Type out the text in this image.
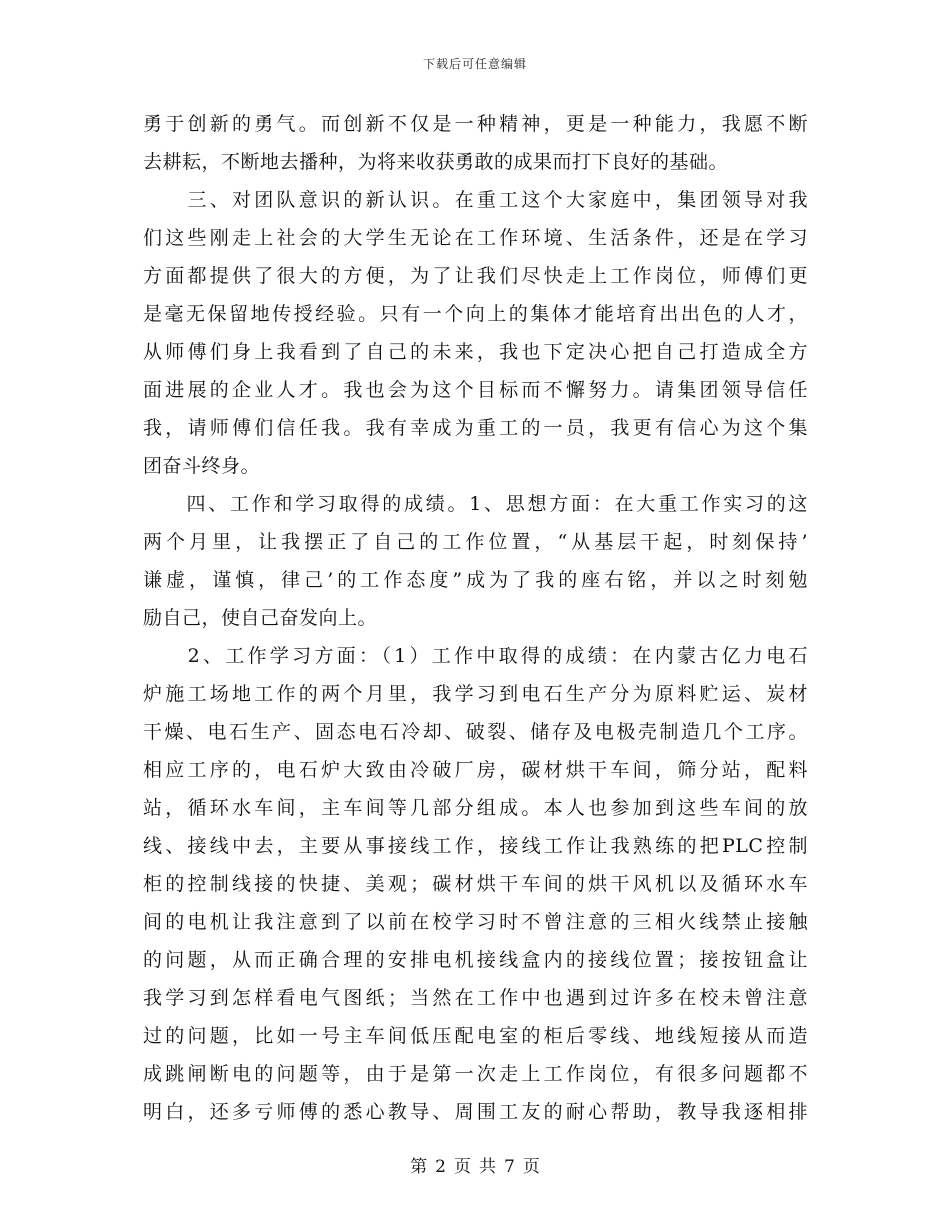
下载后可任意编辑
勇于创新的勇气。而创新不仅是一种精神，更是一种能力，我愿不断
去耕耘，不断地去播种，为将来收获勇敢的成果而打下良好的基础。
　　三、对团队意识的新认识。在重工这个大家庭中，集团领导对我
们这些刚走上社会的大学生无论在工作环境、生活条件，还是在学习
方面都提供了很大的方便，为了让我们尽快走上工作岗位，师傅们更
是毫无保留地传授经验。只有一个向上的集体才能培育出出色的人才，
从师傅们身上我看到了自己的未来，我也下定决心把自己打造成全方
面进展的企业人才。我也会为这个目标而不懈努力。请集团领导信任
我，请师傅们信任我。我有幸成为重工的一员，我更有信心为这个集
团奋斗终身。
　　四、工作和学习取得的成绩。1、思想方面：在大重工作实习的这
两个月里，让我摆正了自己的工作位置，“从基层干起，时刻保持’
谦虚，谨慎，律己’的工作态度”成为了我的座右铭，并以之时刻勉
励自己，使自己奋发向上。
　　2、工作学习方面：（1）工作中取得的成绩：在内蒙古亿力电石
炉施工场地工作的两个月里，我学习到电石生产分为原料贮运、炭材
干燥、电石生产、固态电石冷却、破裂、储存及电极壳制造几个工序。
相应工序的，电石炉大致由冷破厂房，碳材烘干车间，筛分站，配料
站，循环水车间，主车间等几部分组成。本人也参加到这些车间的放
线、接线中去，主要从事接线工作，接线工作让我熟练的把PLC控制
柜的控制线接的快捷、美观；碳材烘干车间的烘干风机以及循环水车
间的电机让我注意到了以前在校学习时不曾注意的三相火线禁止接触
的问题，从而正确合理的安排电机接线盒内的接线位置；接按钮盒让
我学习到怎样看电气图纸；当然在工作中也遇到过许多在校未曾注意
过的问题，比如一号主车间低压配电室的柜后零线、地线短接从而造
成跳闸断电的问题等，由于是第一次走上工作岗位，有很多问题都不
明白，还多亏师傅的悉心教导、周围工友的耐心帮助，教导我逐相排
第 2 页 共 7 页
